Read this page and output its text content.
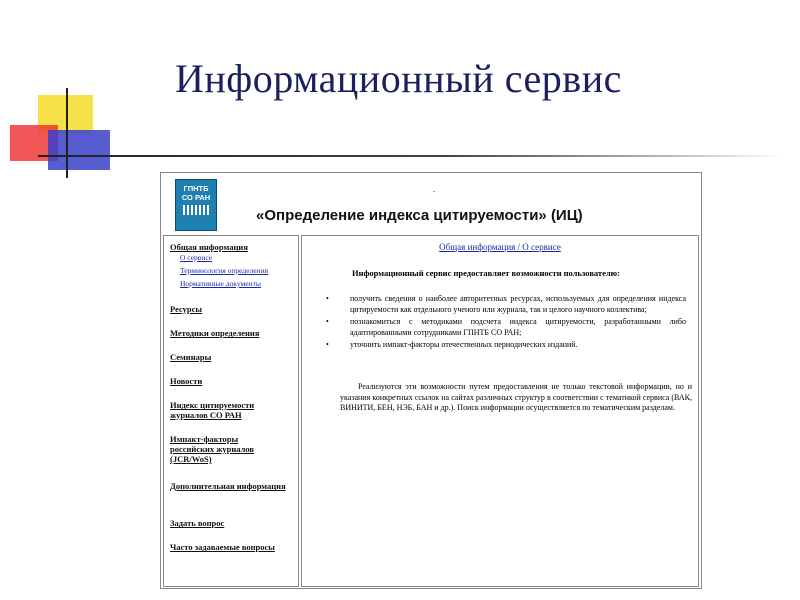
Информационный сервис
ГПНТБ
СО РАН
.
«Определение индекса цитируемости» (ИЦ)
Общая информация
О сервисе
Терминология определения
Нормативные документы
Ресурсы
Методики определения
Семинары
Новости
Индекс цитируемости журналов СО РАН
Импакт-факторы российских журналов (JCR/WoS)
Дополнительная информация
Задать вопрос
Часто задаваемые вопросы
Общая информация / О сервисе
Информационный сервис предоставляет возможности пользователю:
•	получить сведения о наиболее авторитетных ресурсах, используемых для определения индекса цитируемости как отдельного ученого или журнала, так и целого научного коллектива;
•	познакомиться с методиками подсчета индекса цитируемости, разработанными либо адаптированными сотрудниками ГПНТБ СО РАН;
•	уточнить импакт-факторы отечественных периодических изданий.
Реализуются эти возможности путем предоставления не только текстовой информации, но и указания конкретных ссылок на сайтах различных структур в соответствии с тематикой сервиса (ВАК, ВИНИТИ, БЕН, НЭБ, БАН и др.). Поиск информации осуществляется по тематическим разделам.
